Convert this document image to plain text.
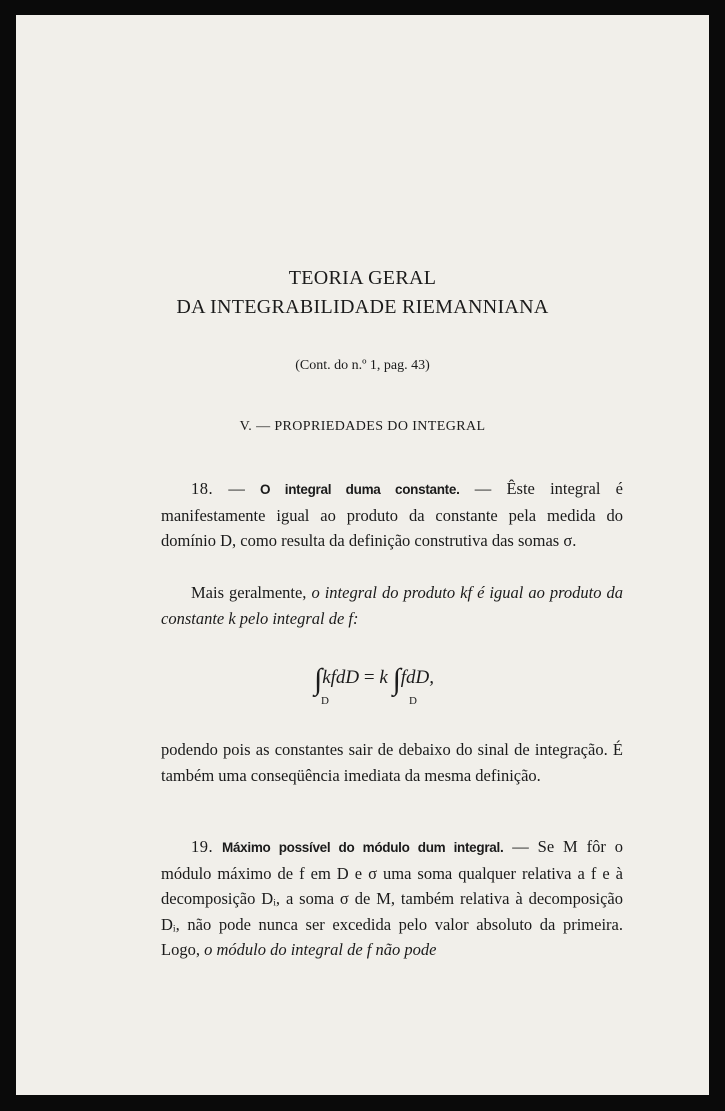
TEORIA GERAL
DA INTEGRABILIDADE RIEMANNIANA
(Cont. do n.º 1, pag. 43)
V. — PROPRIEDADES DO INTEGRAL
18. — O integral duma constante. — Êste integral é manifestamente igual ao produto da constante pela medida do domínio D, como resulta da definição construtiva das somas σ.
Mais geralmente, o integral do produto kf é igual ao produto da constante k pelo integral de f:
∫kfdD = k ∫fdD,
D	D
podendo pois as constantes sair de debaixo do sinal de integração. É também uma conseqüência imediata da mesma definição.
19. Máximo possível do módulo dum integral. — Se M fôr o módulo máximo de f em D e σ uma soma qualquer relativa a f e à decomposição Dᵢ, a soma σ de M, também relativa à decomposição Dᵢ, não pode nunca ser excedida pelo valor absoluto da primeira. Logo, o módulo do integral de f não pode
